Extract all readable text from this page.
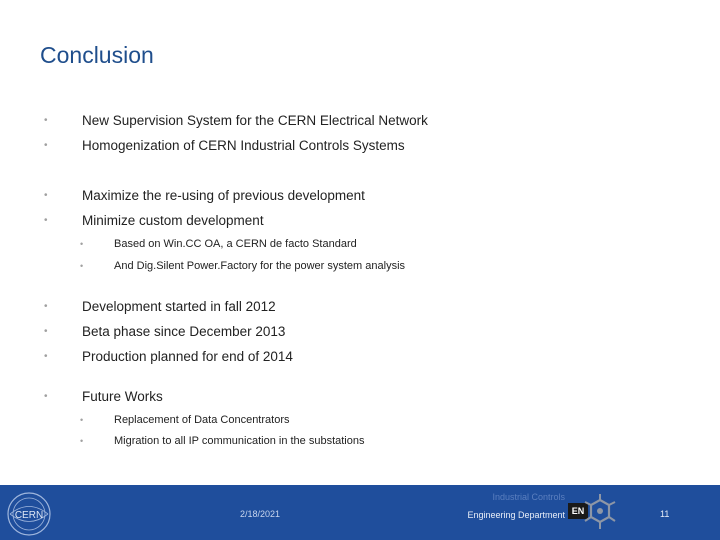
Conclusion
•	New Supervision System for the CERN Electrical Network
•	Homogenization of CERN Industrial Controls Systems
•	Maximize the re-using of previous development
•	Minimize custom development
•	Based on Win.CC OA, a CERN de facto Standard
•	And Dig.Silent Power.Factory for the power system analysis
•	Development started in fall 2012
•	Beta phase since December 2013
•	Production planned for end of 2014
•	Future Works
•	Replacement of Data Concentrators
•	Migration to all IP communication in the substations
CERN	2/18/2021
Industrial Controls
Engineering Department EN	11
